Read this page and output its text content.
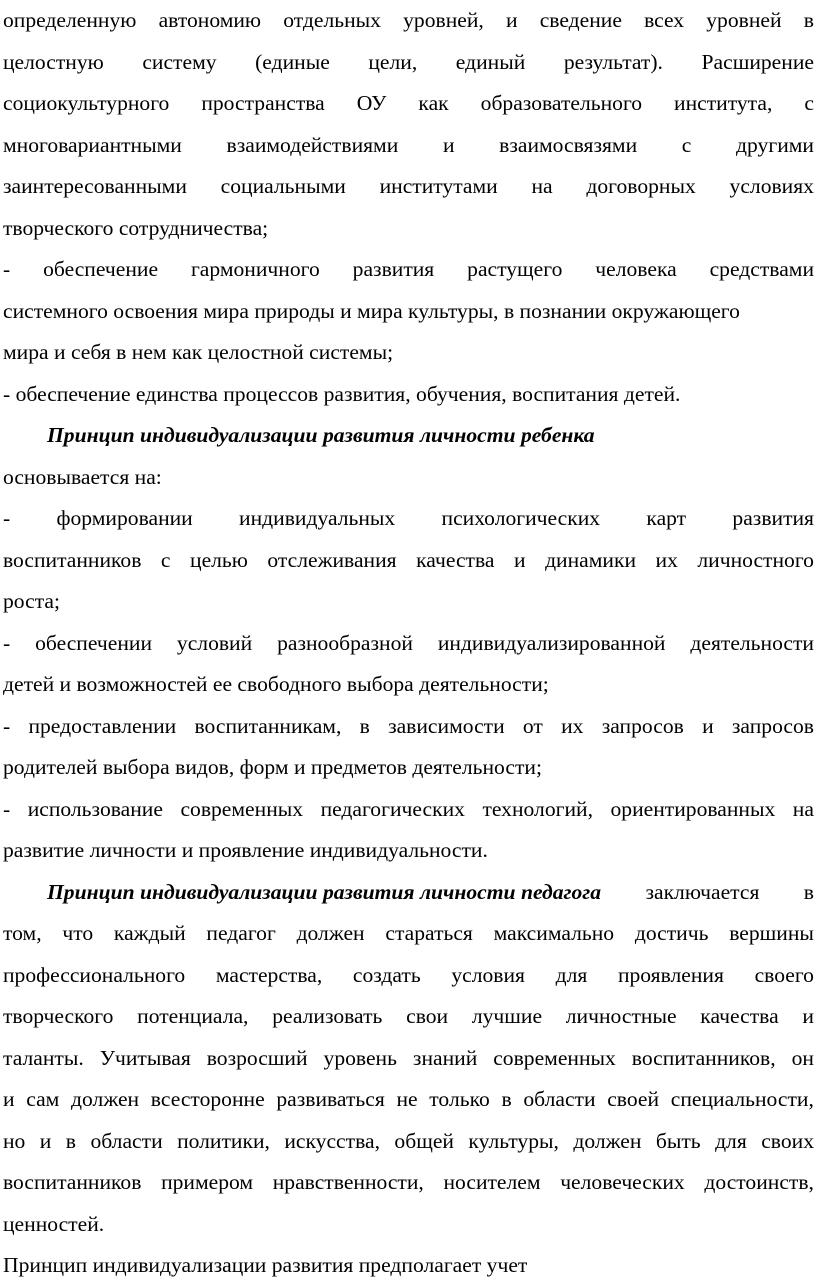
определенную автономию отдельных уровней, и сведение всех уровней в
целостную систему (единые цели, единый результат). Расширение
социокультурного пространства ОУ как образовательного института, с
многовариантными взаимодействиями и взаимосвязями с другими
заинтересованными социальными институтами на договорных условиях
творческого сотрудничества;
- обеспечение гармоничного развития растущего человека средствами
системного освоения мира природы и мира культуры, в познании окружающего
мира и себя в нем как целостной системы;
- обеспечение единства процессов развития, обучения, воспитания детей.
Принцип индивидуализации развития личности ребенка
основывается на:
- формировании индивидуальных психологических карт развития
воспитанников с целью отслеживания качества и динамики их личностного
роста;
- обеспечении условий разнообразной индивидуализированной деятельности
детей и возможностей ее свободного выбора деятельности;
- предоставлении воспитанникам, в зависимости от их запросов и запросов
родителей выбора видов, форм и предметов деятельности;
- использование современных педагогических технологий, ориентированных на
развитие личности и проявление индивидуальности.
Принцип индивидуализации развития личности педагога заключается в
том, что каждый педагог должен стараться максимально достичь вершины
профессионального мастерства, создать условия для проявления своего
творческого потенциала, реализовать свои лучшие личностные качества и
таланты. Учитывая возросший уровень знаний современных воспитанников, он
и сам должен всесторонне развиваться не только в области своей специальности,
но и в области политики, искусства, общей культуры, должен быть для своих
воспитанников примером нравственности, носителем человеческих достоинств,
ценностей.
Принцип индивидуализации развития предполагает учет
